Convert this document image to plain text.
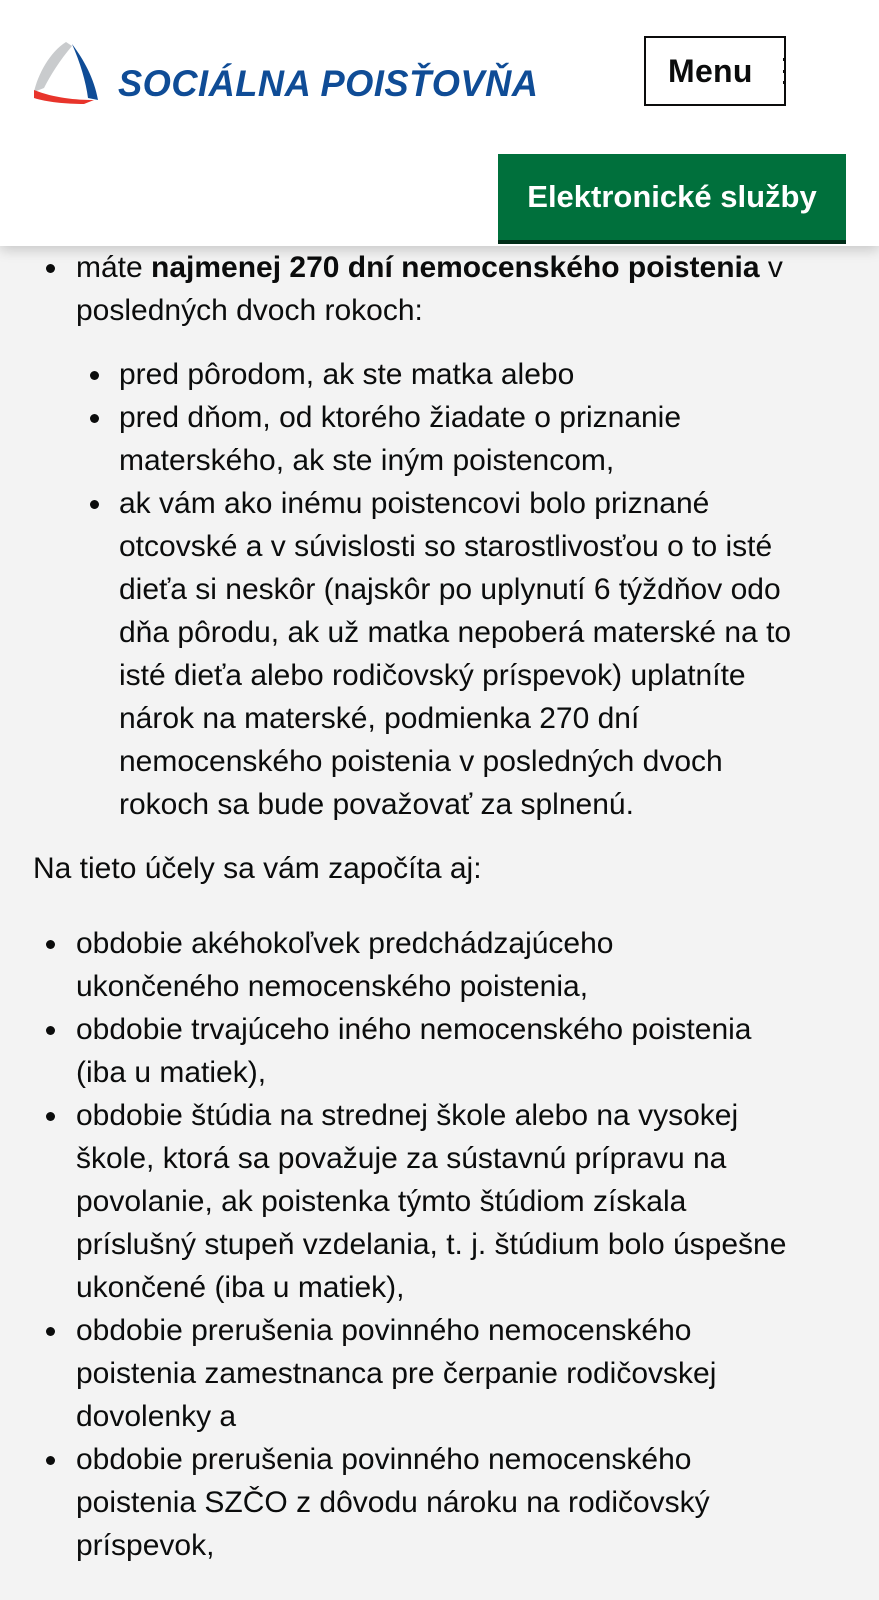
SOCIÁLNA POISŤOVŇA	Menu
Elektronické služby
máte najmenej 270 dní nemocenského poistenia v
posledných dvoch rokoch:
pred pôrodom, ak ste matka alebo
pred dňom, od ktorého žiadate o priznanie
materského, ak ste iným poistencom,
ak vám ako inému poistencovi bolo priznané
otcovské a v súvislosti so starostlivosťou o to isté
dieťa si neskôr (najskôr po uplynutí 6 týždňov odo
dňa pôrodu, ak už matka nepoberá materské na to
isté dieťa alebo rodičovský príspevok) uplatníte
nárok na materské, podmienka 270 dní
nemocenského poistenia v posledných dvoch
rokoch sa bude považovať za splnenú.

Na tieto účely sa vám započíta aj:

obdobie akéhokoľvek predchádzajúceho
ukončeného nemocenského poistenia,
obdobie trvajúceho iného nemocenského poistenia
(iba u matiek),
obdobie štúdia na strednej škole alebo na vysokej
škole, ktorá sa považuje za sústavnú prípravu na
povolanie, ak poistenka týmto štúdiom získala
príslušný stupeň vzdelania, t. j. štúdium bolo úspešne
ukončené (iba u matiek),
obdobie prerušenia povinného nemocenského
poistenia zamestnanca pre čerpanie rodičovskej
dovolenky a
obdobie prerušenia povinného nemocenského
poistenia SZČO z dôvodu nároku na rodičovský
príspevok,
